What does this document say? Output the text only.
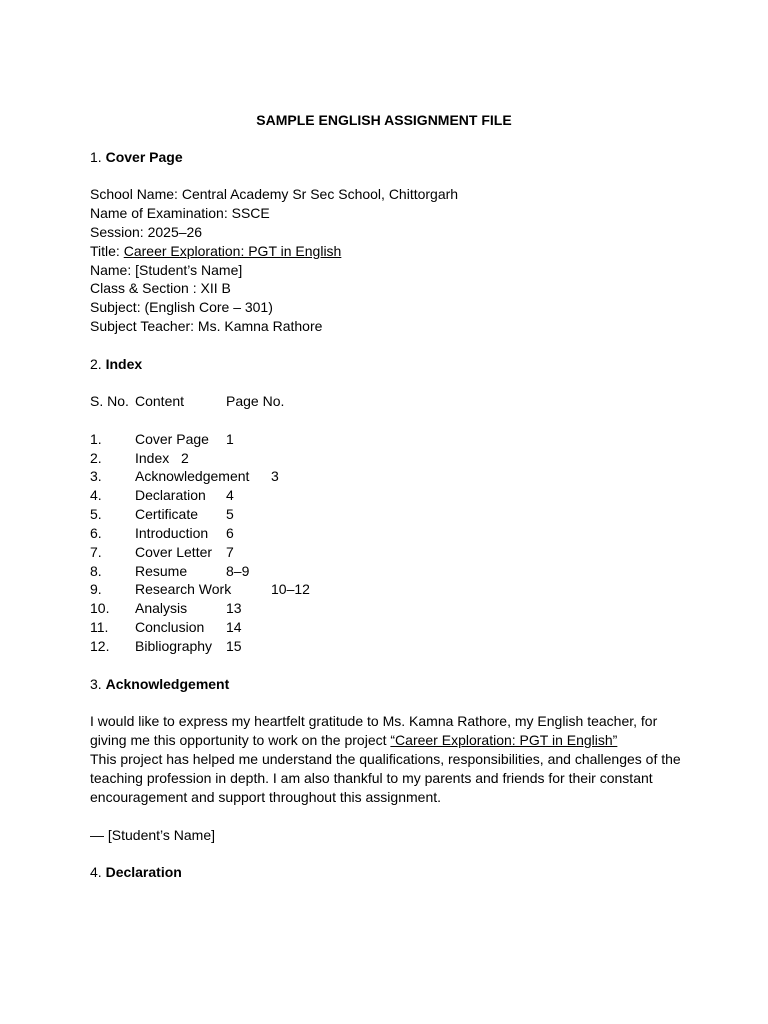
SAMPLE ENGLISH ASSIGNMENT FILE
1. Cover Page
School Name: Central Academy Sr Sec School, Chittorgarh
Name of Examination: SSCE
Session: 2025–26
Title: Career Exploration: PGT in English
Name: [Student’s Name]
Class & Section : XII B
Subject: (English Core – 301)
Subject Teacher: Ms. Kamna Rathore
2. Index
S. No. Content	Page No.
1. Cover Page 1
2. Index 2
3. Acknowledgement 3
4. Declaration 4
5. Certificate 5
6. Introduction 6
7. Cover Letter 7
8. Resume	8–9
9. Research Work	10–12
10. Analysis	13
11. Conclusion 14
12. Bibliography 15
3. Acknowledgement
I would like to express my heartfelt gratitude to Ms. Kamna Rathore, my English teacher, for
giving me this opportunity to work on the project “Career Exploration: PGT in English”
This project has helped me understand the qualifications, responsibilities, and challenges of the
teaching profession in depth. I am also thankful to my parents and friends for their constant
encouragement and support throughout this assignment.
— [Student’s Name]
4. Declaration
